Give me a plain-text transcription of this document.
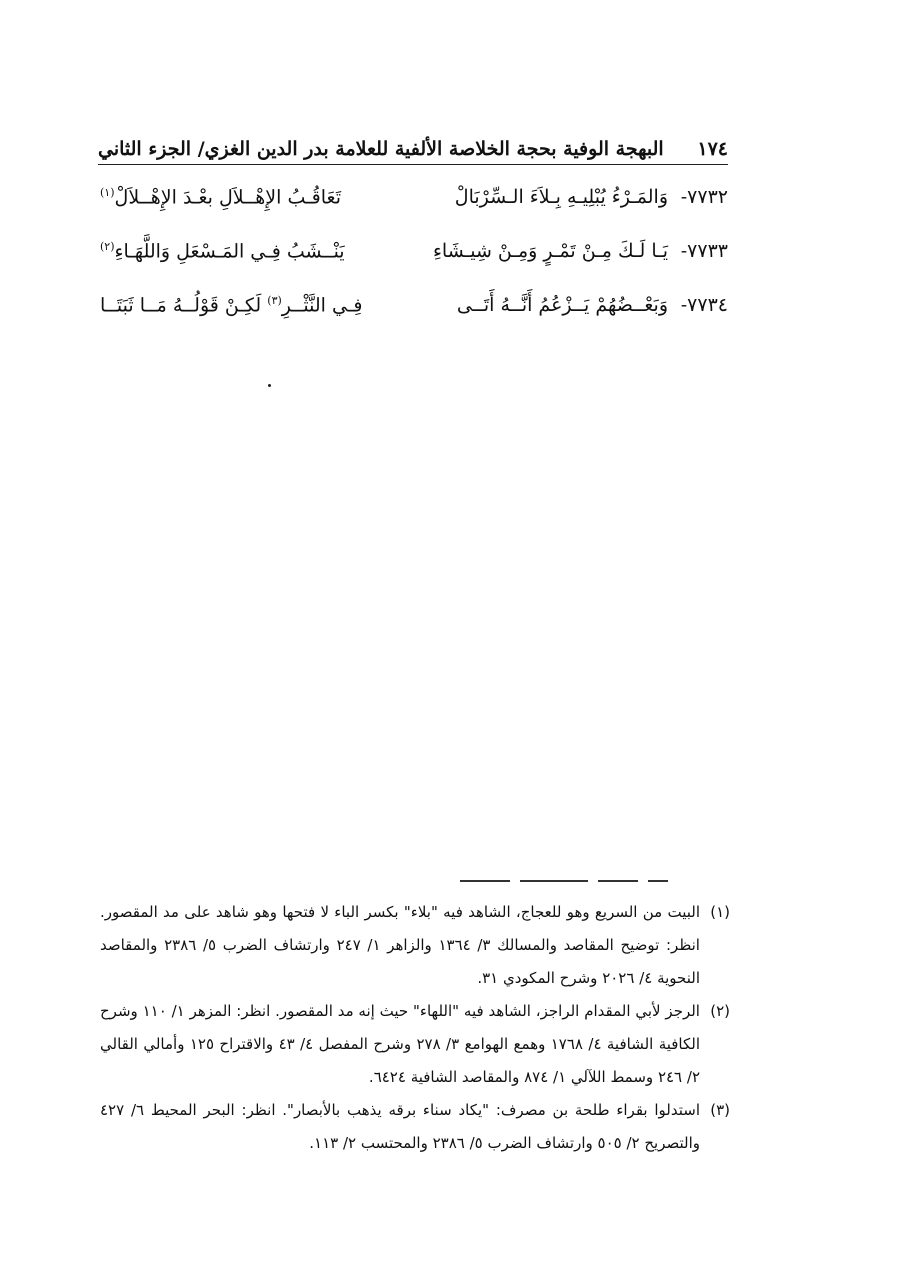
١٧٤
البهجة الوفية بحجة الخلاصة الألفية للعلامة بدر الدين الغزي/ الجزء الثاني
٧٧٣٢-
وَالمَـرْءُ يُبْلِيـهِ بِـلاَءَ الـسِّرْبَالْ
تَعَاقُـبُ الإِهْــلاَلِ بعْـدَ الإِهْــلاَلْ$^{(١)}$
٧٧٣٣-
يَـا لَـكَ مِـنْ تَمْـرٍ وَمِـنْ شِيـشَاءِ
يَنْــشَبُ فِـي المَـسْعَلِ وَاللَّهَـاءِ$^{(٢)}$
٧٧٣٤-
وَبَعْــضُهُمْ يَــزْعُمُ أَنَّــهُ أَتَــى
فِـي النَّثْــرِ$^{(٣)}$ لَكِـنْ قَوْلُــهُ مَــا ثَبَتَــا
(١)
البيت من السريع وهو للعجاج، الشاهد فيه "بلاء" بكسر الباء لا فتحها وهو شاهد على مد المقصور. انظر: توضيح المقاصد والمسالك ٣/ ١٣٦٤ والزاهر ١/ ٢٤٧ وارتشاف الضرب ٥/ ٢٣٨٦ والمقاصد النحوية ٤/ ٢٠٢٦ وشرح المكودي ٣١.
(٢)
الرجز لأبي المقدام الراجز، الشاهد فيه "اللهاء" حيث إنه مد المقصور. انظر: المزهر ١/ ١١٠ وشرح الكافية الشافية ٤/ ١٧٦٨ وهمع الهوامع ٣/ ٢٧٨ وشرح المفصل ٤/ ٤٣ والاقتراح ١٢٥ وأمالي القالي ٢/ ٢٤٦ وسمط اللآلي ١/ ٨٧٤ والمقاصد الشافية ٦٤٢٤.
(٣)
استدلوا بقراء طلحة بن مصرف: "يكاد سناء برقه يذهب بالأبصار". انظر: البحر المحيط ٦/ ٤٢٧ والتصريح ٢/ ٥٠٥ وارتشاف الضرب ٥/ ٢٣٨٦ والمحتسب ٢/ ١١٣.
